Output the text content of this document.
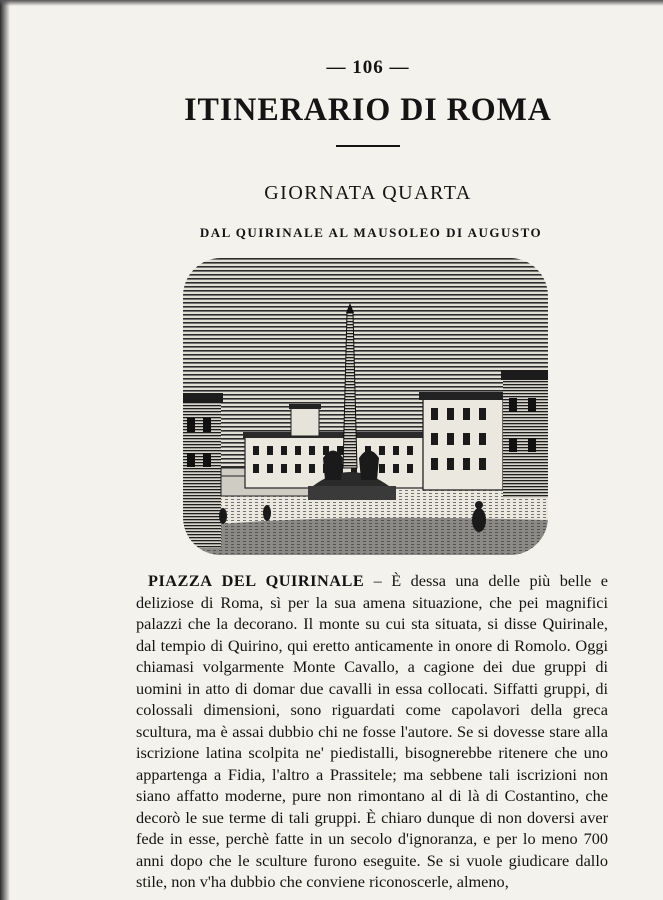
— 106 —
ITINERARIO DI ROMA
GIORNATA QUARTA
DAL QUIRINALE AL MAUSOLEO DI AUGUSTO

PIAZZA DEL QUIRINALE – È dessa una delle più belle e deliziose di Roma, sì per la sua amena situazione, che pei magnifici palazzi che la decorano. Il monte su cui sta situata, si disse Quirinale, dal tempio di Quirino, qui eretto anticamente in onore di Romolo. Oggi chiamasi volgarmente Monte Cavallo, a cagione dei due gruppi di uomini in atto di domar due cavalli in essa collocati. Siffatti gruppi, di colossali dimensioni, sono riguardati come capolavori della greca scultura, ma è assai dubbio chi ne fosse l'autore. Se si dovesse stare alla iscrizione latina scolpita ne' piedistalli, bisognerebbe ritenere che uno appartenga a Fidia, l'altro a Prassitele; ma sebbene tali iscrizioni non siano affatto moderne, pure non rimontano al di là di Costantino, che decorò le sue terme di tali gruppi. È chiaro dunque di non doversi aver fede in esse, perchè fatte in un secolo d'ignoranza, e per lo meno 700 anni dopo che le sculture furono eseguite. Se si vuole giudicare dallo stile, non v'ha dubbio che conviene riconoscerle, almeno,
